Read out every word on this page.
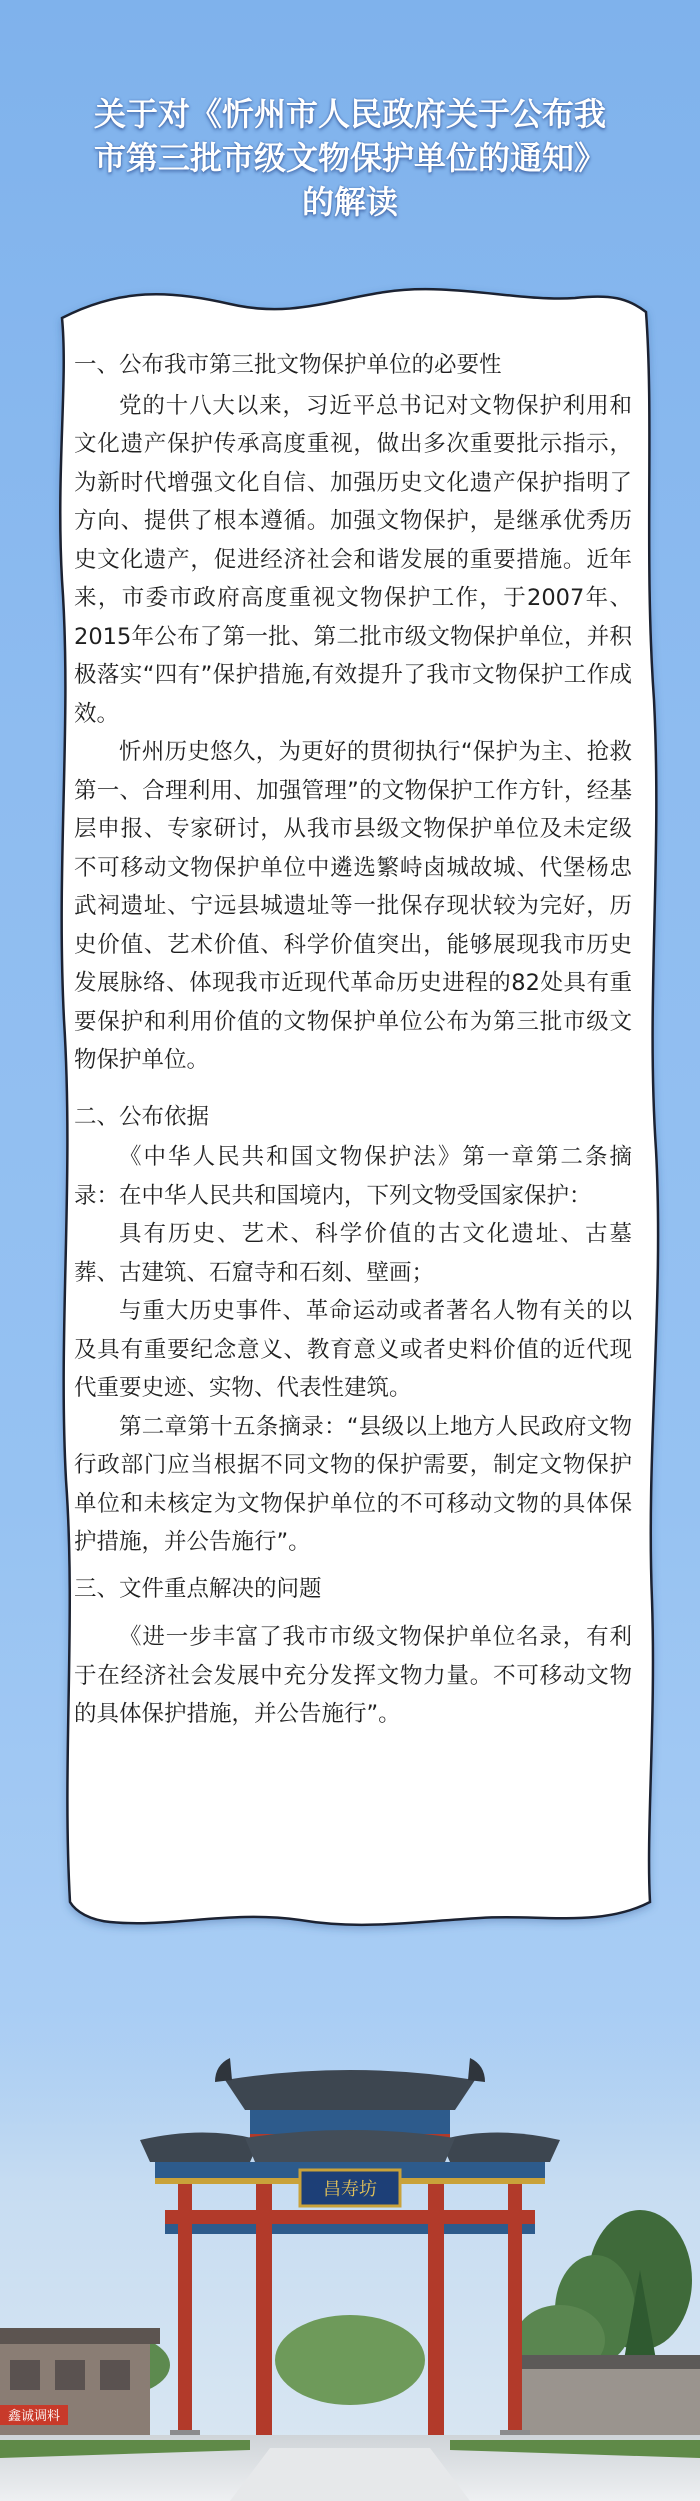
关于对《忻州市人民政府关于公布我
市第三批市级文物保护单位的通知》
的解读
一、公布我市第三批文物保护单位的必要性

党的十八大以来，习近平总书记对文物保护利用和文化遗产保护传承高度重视，做出多次重要批示指示，为新时代增强文化自信、加强历史文化遗产保护指明了方向、提供了根本遵循。加强文物保护，是继承优秀历史文化遗产，促进经济社会和谐发展的重要措施。近年来，市委市政府高度重视文物保护工作，于2007年、2015年公布了第一批、第二批市级文物保护单位，并积极落实“四有”保护措施,有效提升了我市文物保护工作成效。

忻州历史悠久，为更好的贯彻执行“保护为主、抢救第一、合理利用、加强管理”的文物保护工作方针，经基层申报、专家研讨，从我市县级文物保护单位及未定级不可移动文物保护单位中遴选繁峙卤城故城、代堡杨忠武祠遗址、宁远县城遗址等一批保存现状较为完好，历史价值、艺术价值、科学价值突出，能够展现我市历史发展脉络、体现我市近现代革命历史进程的82处具有重要保护和利用价值的文物保护单位公布为第三批市级文物保护单位。

二、公布依据

《中华人民共和国文物保护法》第一章第二条摘录：在中华人民共和国境内，下列文物受国家保护：

具有历史、艺术、科学价值的古文化遗址、古墓葬、古建筑、石窟寺和石刻、壁画；

与重大历史事件、革命运动或者著名人物有关的以及具有重要纪念意义、教育意义或者史料价值的近代现代重要史迹、实物、代表性建筑。

第二章第十五条摘录：“县级以上地方人民政府文物行政部门应当根据不同文物的保护需要，制定文物保护单位和未核定为文物保护单位的不可移动文物的具体保护措施，并公告施行”。

三、文件重点解决的问题

《进一步丰富了我市市级文物保护单位名录，有利于在经济社会发展中充分发挥文物力量。不可移动文物的具体保护措施，并公告施行”。

鑫诚调料
昌寿坊
